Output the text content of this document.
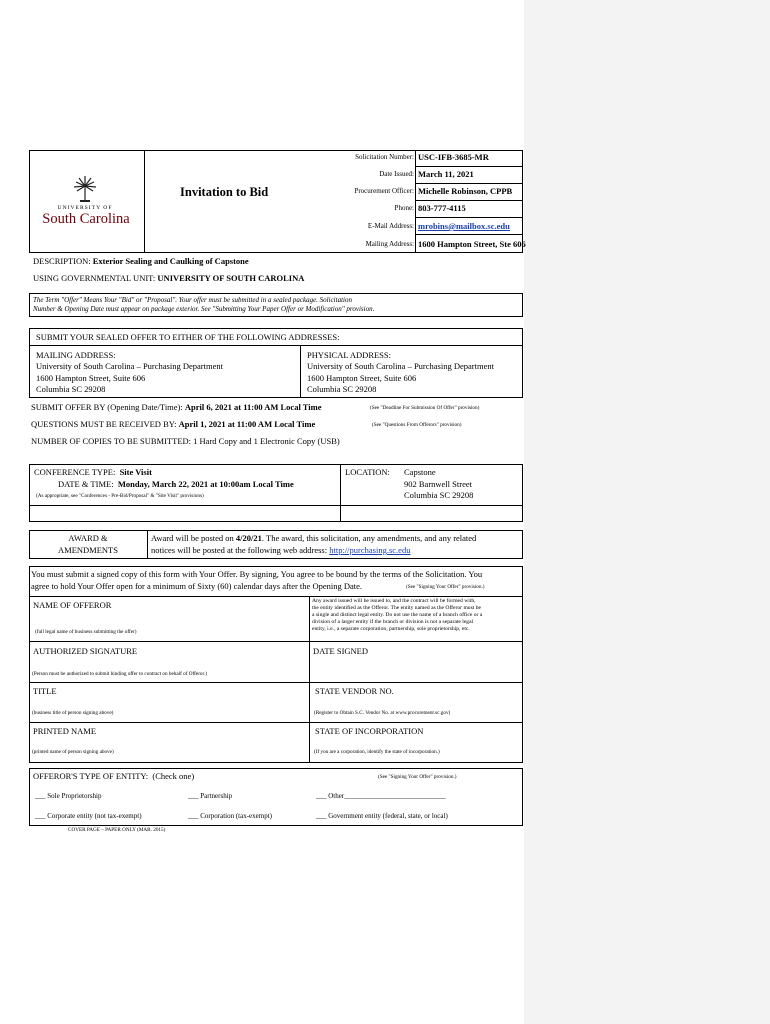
UNIVERSITY OF
South Carolina
Invitation to Bid
Solicitation Number: USC-IFB-3685-MR
Date Issued: March 11, 2021
Procurement Officer: Michelle Robinson, CPPB
Phone: 803-777-4115
E-Mail Address: mrobins@mailbox.sc.edu
Mailing Address: 1600 Hampton Street, Ste 606
DESCRIPTION: Exterior Sealing and Caulking of Capstone
USING GOVERNMENTAL UNIT: UNIVERSITY OF SOUTH CAROLINA
The Term "Offer" Means Your "Bid" or "Proposal". Your offer must be submitted in a sealed package. Solicitation
Number & Opening Date must appear on package exterior. See "Submitting Your Paper Offer or Modification" provision.
SUBMIT YOUR SEALED OFFER TO EITHER OF THE FOLLOWING ADDRESSES:
MAILING ADDRESS:
University of South Carolina – Purchasing Department
1600 Hampton Street, Suite 606
Columbia SC 29208
PHYSICAL ADDRESS:
University of South Carolina – Purchasing Department
1600 Hampton Street, Suite 606
Columbia SC 29208
SUBMIT OFFER BY (Opening Date/Time): April 6, 2021 at 11:00 AM Local Time	(See "Deadline For Submission Of Offer" provision)
QUESTIONS MUST BE RECEIVED BY: April 1, 2021 at 11:00 AM Local Time	(See "Questions From Offerors" provision)
NUMBER OF COPIES TO BE SUBMITTED: 1 Hard Copy and 1 Electronic Copy (USB)
CONFERENCE TYPE: Site Visit
DATE & TIME: Monday, March 22, 2021 at 10:00am Local Time
(As appropriate, see "Conferences - Pre-Bid/Proposal" & "Site Visit" provisions)
LOCATION: Capstone
902 Barnwell Street
Columbia SC 29208
AWARD &
AMENDMENTS
Award will be posted on 4/20/21. The award, this solicitation, any amendments, and any related
notices will be posted at the following web address: http://purchasing.sc.edu
You must submit a signed copy of this form with Your Offer. By signing, You agree to be bound by the terms of the Solicitation. You
agree to hold Your Offer open for a minimum of Sixty (60) calendar days after the Opening Date.	(See "Signing Your Offer" provision.)
NAME OF OFFEROR
(full legal name of business submitting the offer)
Any award issued will be issued to, and the contract will be formed with,
the entity identified as the Offeror. The entity named as the Offeror must be
a single and distinct legal entity. Do not use the name of a branch office or a
division of a larger entity if the branch or division is not a separate legal
entity, i.e., a separate corporation, partnership, sole proprietorship, etc.
AUTHORIZED SIGNATURE
(Person must be authorized to submit binding offer to contract on behalf of Offeror.)
DATE SIGNED
TITLE
(business title of person signing above)
STATE VENDOR NO.
(Register to Obtain S.C. Vendor No. at www.procurement.sc.gov)
PRINTED NAME
(printed name of person signing above)
STATE OF INCORPORATION
(If you are a corporation, identify the state of incorporation.)
OFFEROR'S TYPE OF ENTITY: (Check one)	(See "Signing Your Offer" provision.)
___ Sole Proprietorship	___ Partnership	___ Other_____________________________
___ Corporate entity (not tax-exempt)	___ Corporation (tax-exempt)	___ Government entity (federal, state, or local)
COVER PAGE – PAPER ONLY (MAR. 2015)
